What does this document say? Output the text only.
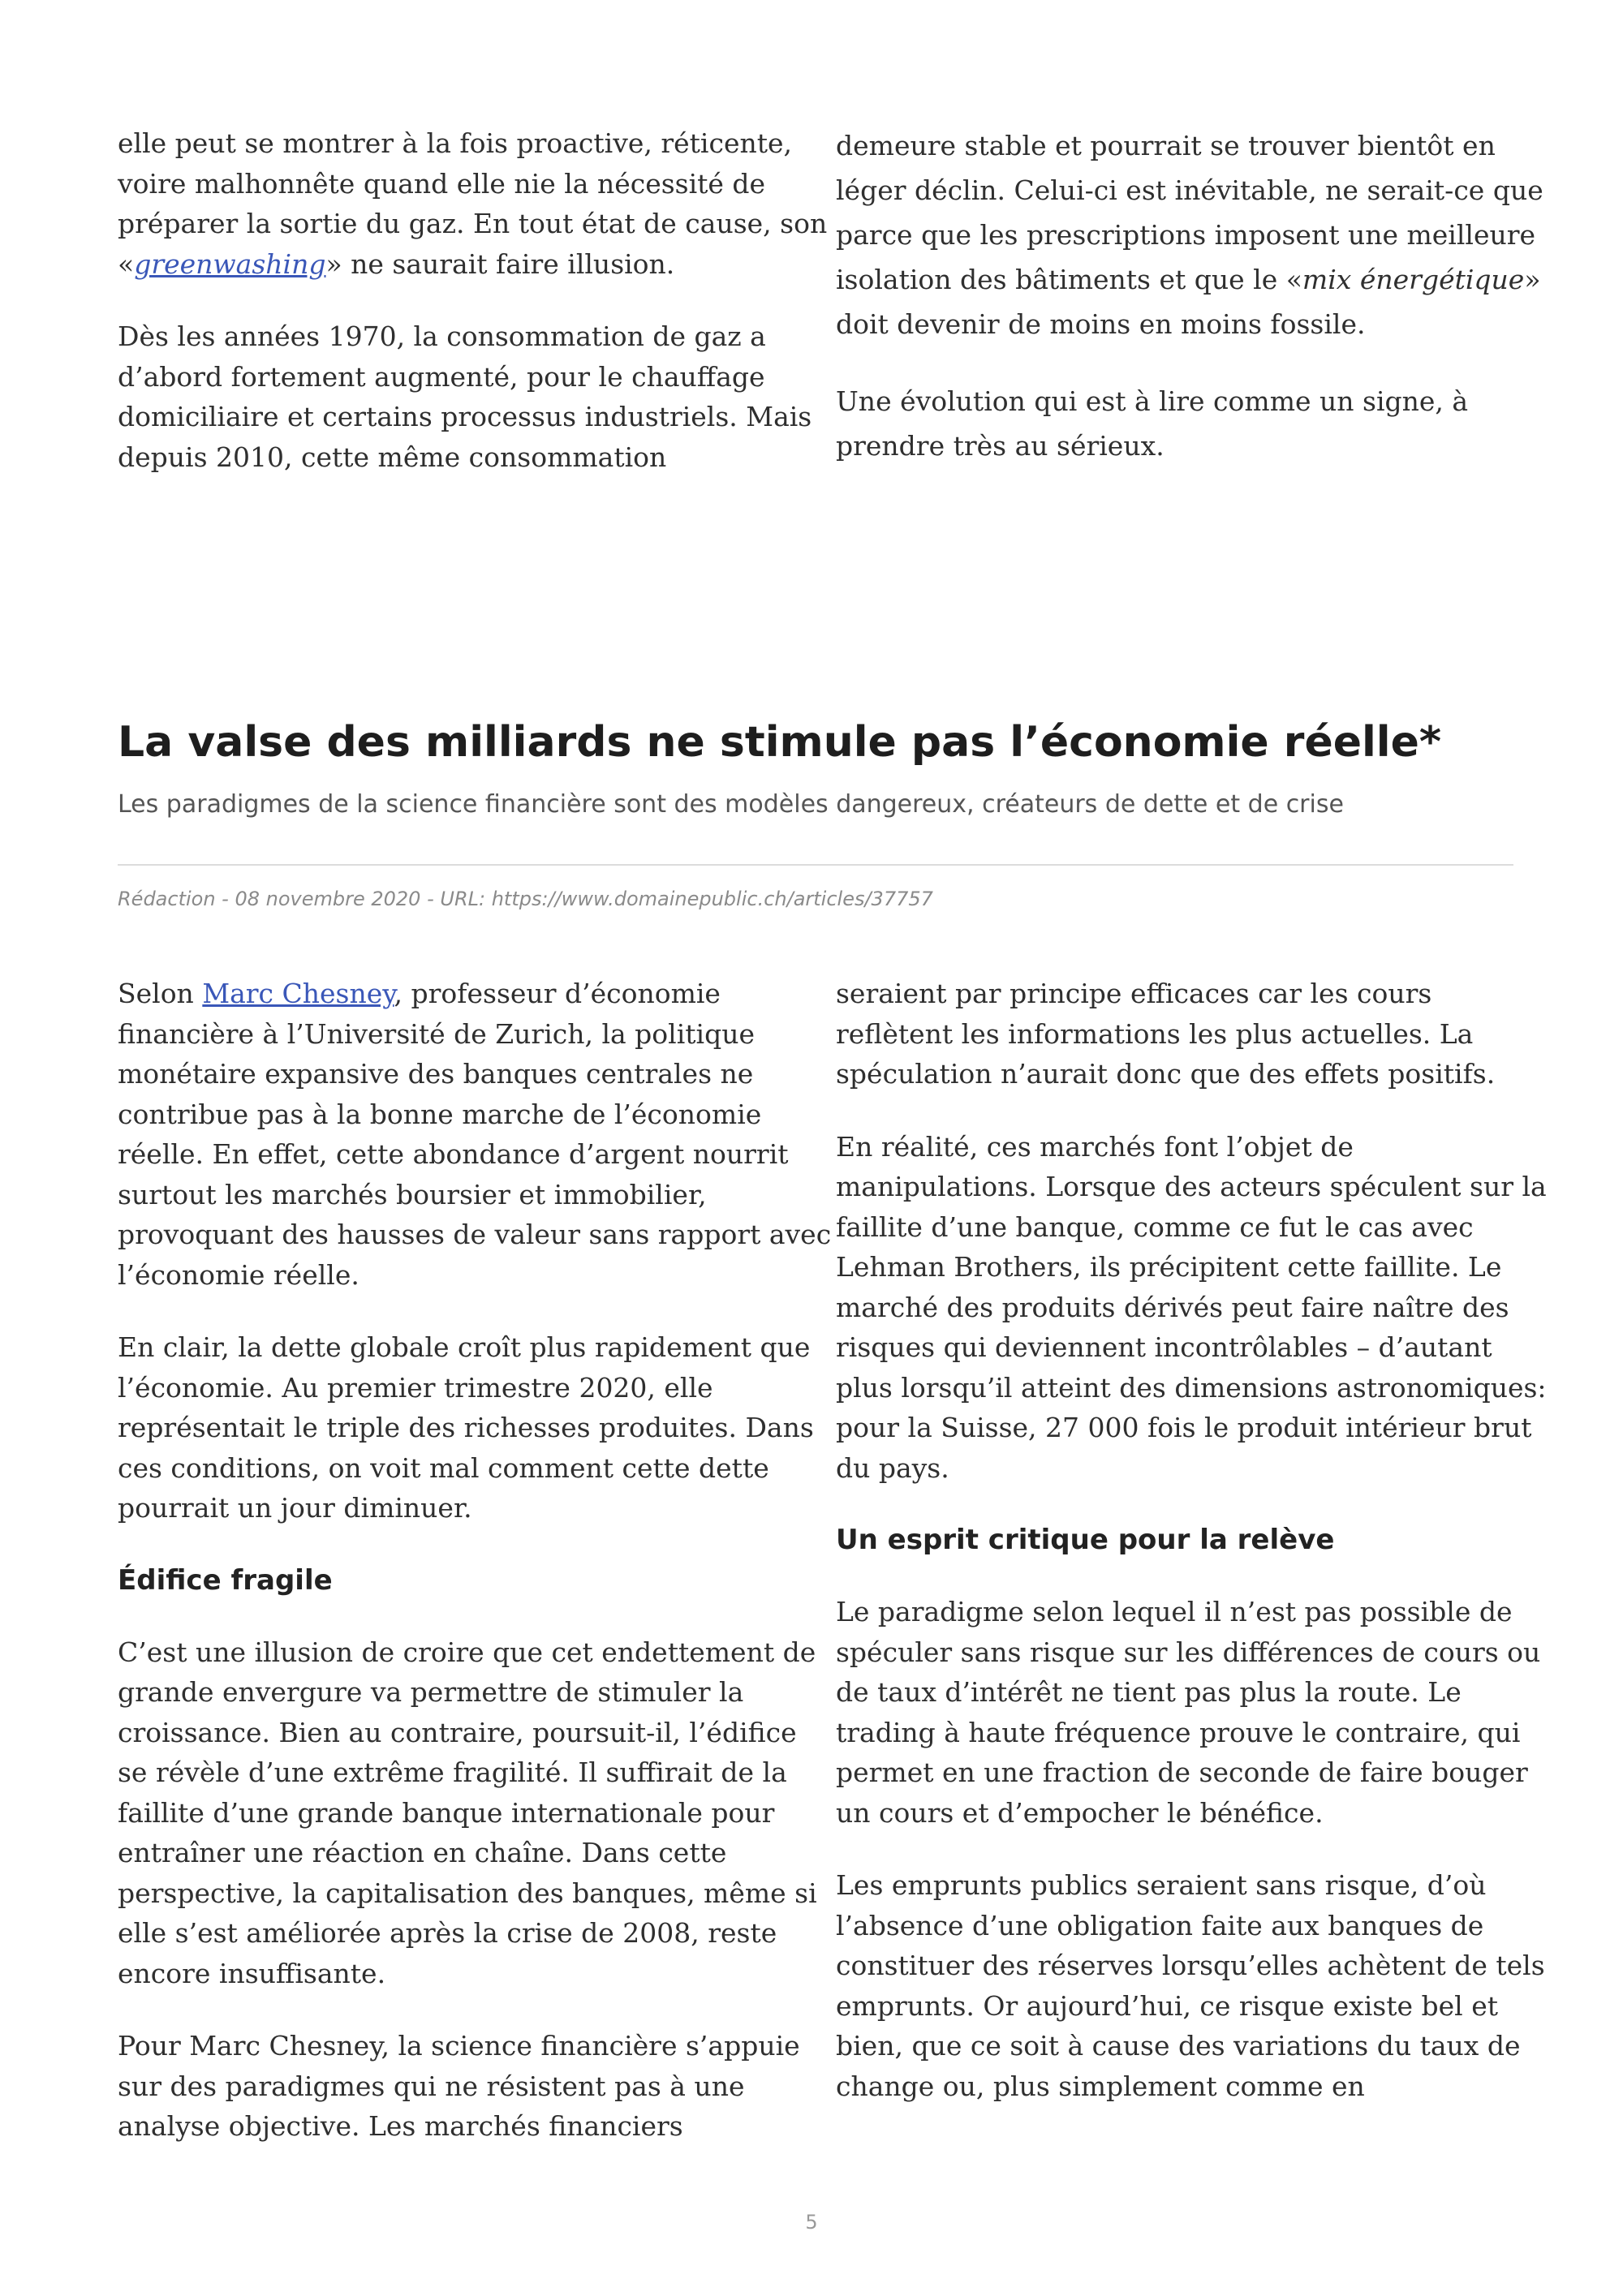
elle peut se montrer à la fois proactive, réticente, voire malhonnête quand elle nie la nécessité de préparer la sortie du gaz. En tout état de cause, son «greenwashing» ne saurait faire illusion.

Dès les années 1970, la consommation de gaz a d’abord fortement augmenté, pour le chauffage domiciliaire et certains processus industriels. Mais depuis 2010, cette même consommation

demeure stable et pourrait se trouver bientôt en léger déclin. Celui-ci est inévitable, ne serait-ce que parce que les prescriptions imposent une meilleure isolation des bâtiments et que le «mix énergétique» doit devenir de moins en moins fossile.

Une évolution qui est à lire comme un signe, à prendre très au sérieux.

La valse des milliards ne stimule pas l’économie réelle*
Les paradigmes de la science financière sont des modèles dangereux, créateurs de dette et de crise
Rédaction - 08 novembre 2020 - URL: https://www.domainepublic.ch/articles/37757

Selon Marc Chesney, professeur d’économie financière à l’Université de Zurich, la politique monétaire expansive des banques centrales ne contribue pas à la bonne marche de l’économie réelle. En effet, cette abondance d’argent nourrit surtout les marchés boursier et immobilier, provoquant des hausses de valeur sans rapport avec l’économie réelle.

En clair, la dette globale croît plus rapidement que l’économie. Au premier trimestre 2020, elle représentait le triple des richesses produites. Dans ces conditions, on voit mal comment cette dette pourrait un jour diminuer.

Édifice fragile

C’est une illusion de croire que cet endettement de grande envergure va permettre de stimuler la croissance. Bien au contraire, poursuit-il, l’édifice se révèle d’une extrême fragilité. Il suffirait de la faillite d’une grande banque internationale pour entraîner une réaction en chaîne. Dans cette perspective, la capitalisation des banques, même si elle s’est améliorée après la crise de 2008, reste encore insuffisante.

Pour Marc Chesney, la science financière s’appuie sur des paradigmes qui ne résistent pas à une analyse objective. Les marchés financiers

seraient par principe efficaces car les cours reflètent les informations les plus actuelles. La spéculation n’aurait donc que des effets positifs.

En réalité, ces marchés font l’objet de manipulations. Lorsque des acteurs spéculent sur la faillite d’une banque, comme ce fut le cas avec Lehman Brothers, ils précipitent cette faillite. Le marché des produits dérivés peut faire naître des risques qui deviennent incontrôlables – d’autant plus lorsqu’il atteint des dimensions astronomiques: pour la Suisse, 27 000 fois le produit intérieur brut du pays.

Un esprit critique pour la relève

Le paradigme selon lequel il n’est pas possible de spéculer sans risque sur les différences de cours ou de taux d’intérêt ne tient pas plus la route. Le trading à haute fréquence prouve le contraire, qui permet en une fraction de seconde de faire bouger un cours et d’empocher le bénéfice.

Les emprunts publics seraient sans risque, d’où l’absence d’une obligation faite aux banques de constituer des réserves lorsqu’elles achètent de tels emprunts. Or aujourd’hui, ce risque existe bel et bien, que ce soit à cause des variations du taux de change ou, plus simplement comme en

5
